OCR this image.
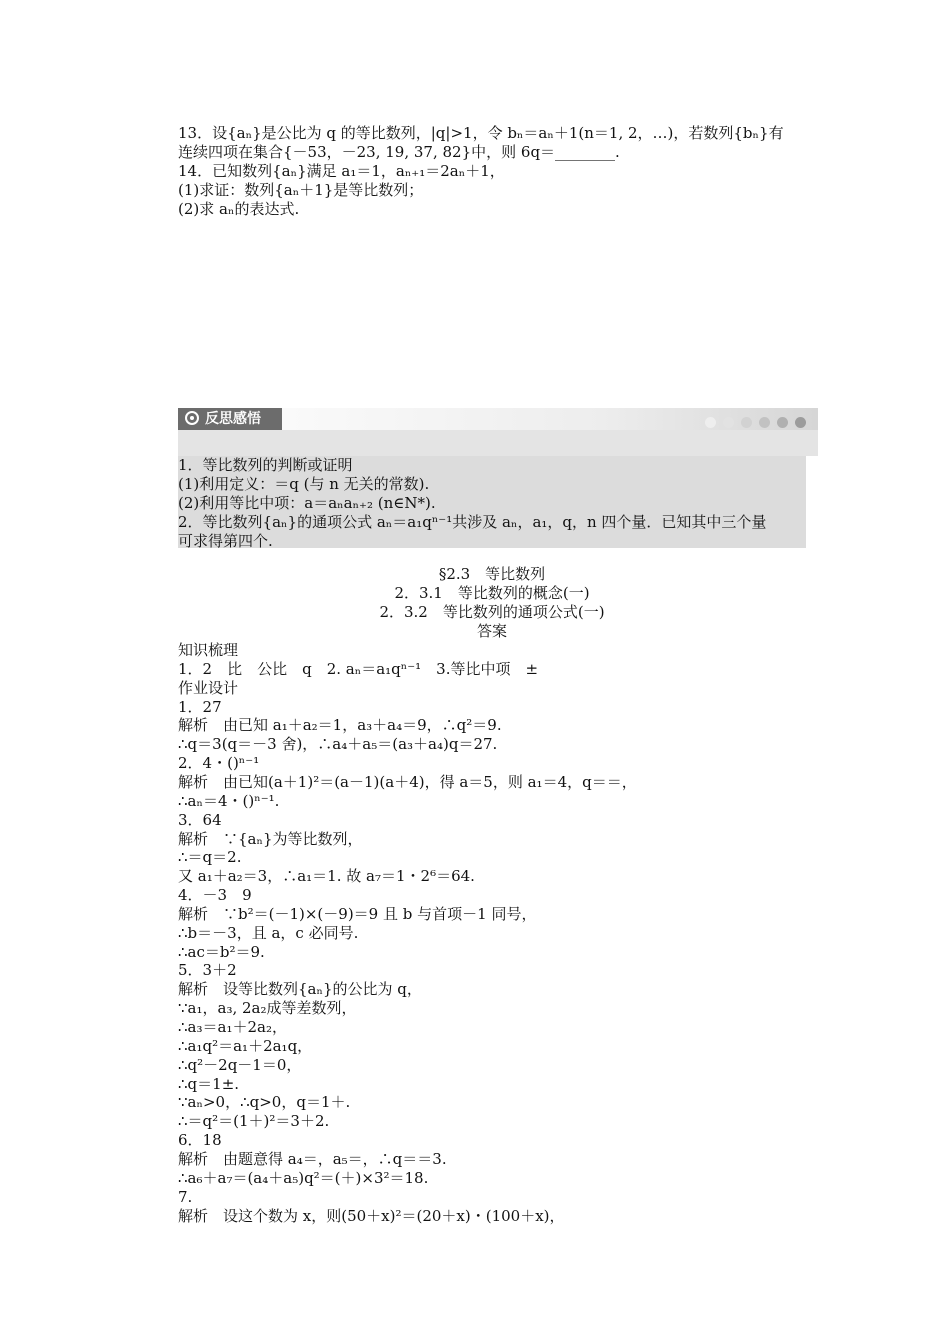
13．设{aₙ}是公比为 q 的等比数列，|q|>1，令 bₙ＝aₙ＋1(n＝1, 2，…)，若数列{bₙ}有
连续四项在集合{－53，－23, 19, 37, 82}中，则 6q＝________.
14．已知数列{aₙ}满足 a₁＝1，aₙ₊₁＝2aₙ＋1，
(1)求证：数列{aₙ＋1}是等比数列；
(2)求 aₙ的表达式.
反思感悟
1．等比数列的判断或证明
(1)利用定义：＝q (与 n 无关的常数).
(2)利用等比中项：a＝aₙaₙ₊₂ (n∈N*).
2．等比数列{aₙ}的通项公式 aₙ＝a₁qⁿ⁻¹共涉及 aₙ，a₁，q，n 四个量．已知其中三个量
可求得第四个.
§2.3　等比数列
2．3.1　等比数列的概念(一)
2．3.2　等比数列的通项公式(一)
答案
知识梳理
1．2　比　公比　q　2. aₙ＝a₁qⁿ⁻¹　3.等比中项　±
作业设计
1．27
解析　由已知 a₁＋a₂＝1，a₃＋a₄＝9，∴q²＝9.
∴q＝3(q＝－3 舍)，∴a₄＋a₅＝(a₃＋a₄)q＝27.
2．4・()ⁿ⁻¹
解析　由已知(a＋1)²＝(a－1)(a＋4)，得 a＝5，则 a₁＝4，q＝＝，
∴aₙ＝4・()ⁿ⁻¹.
3．64
解析　∵{aₙ}为等比数列，
∴＝q＝2.
又 a₁＋a₂＝3，∴a₁＝1. 故 a₇＝1・2⁶＝64.
4．－3　9
解析　∵b²＝(－1)×(－9)＝9 且 b 与首项－1 同号，
∴b＝－3，且 a，c 必同号.
∴ac＝b²＝9.
5．3＋2
解析　设等比数列{aₙ}的公比为 q，
∵a₁，a₃, 2a₂成等差数列，
∴a₃＝a₁＋2a₂，
∴a₁q²＝a₁＋2a₁q，
∴q²－2q－1＝0，
∴q＝1±.
∵aₙ>0，∴q>0，q＝1＋.
∴＝q²＝(1＋)²＝3＋2.
6．18
解析　由题意得 a₄＝，a₅＝，∴q＝＝3.
∴a₆＋a₇＝(a₄＋a₅)q²＝(＋)×3²＝18.
7.
解析　设这个数为 x，则(50＋x)²＝(20＋x)・(100＋x)，
